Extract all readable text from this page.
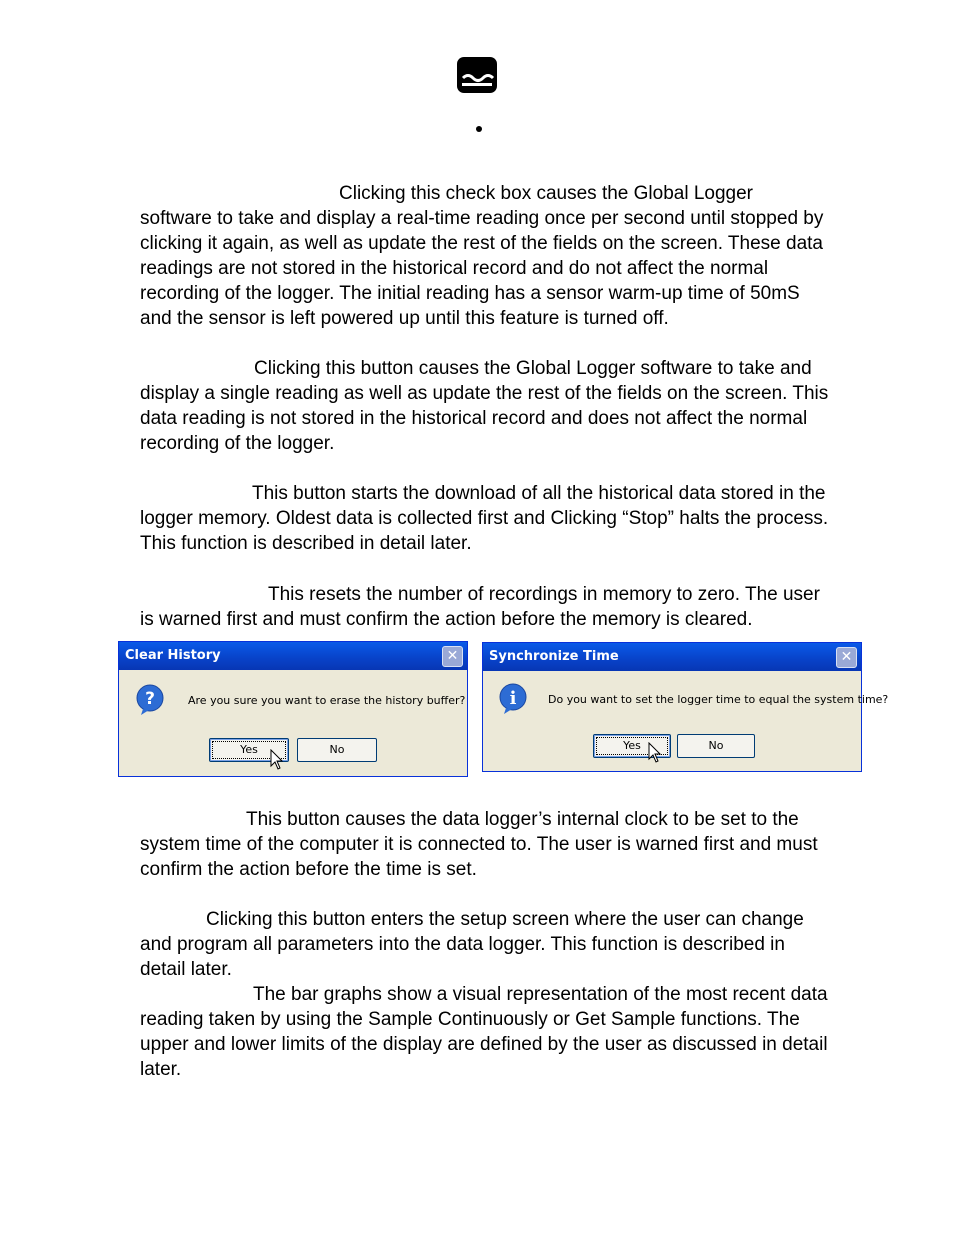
Clicking this check box causes the Global Logger software to take and display a real-time reading once per second until stopped by clicking it again, as well as update the rest of the fields on the screen. These data readings are not stored in the historical record and do not affect the normal recording of the logger. The initial reading has a sensor warm-up time of 50mS and the sensor is left powered up until this feature is turned off.
Clicking this button causes the Global Logger software to take and display a single reading as well as update the rest of the fields on the screen. This data reading is not stored in the historical record and does not affect the normal recording of the logger.
This button starts the download of all the historical data stored in the logger memory. Oldest data is collected first and Clicking “Stop” halts the process. This function is described in detail later.
This resets the number of recordings in memory to zero. The user is warned first and must confirm the action before the memory is cleared.
Clear History	✕
?	Are you sure you want to erase the history buffer?
Yes	No
Synchronize Time	✕
i	Do you want to set the logger time to equal the system time?
Yes	No
This button causes the data logger’s internal clock to be set to the system time of the computer it is connected to. The user is warned first and must confirm the action before the time is set.
Clicking this button enters the setup screen where the user can change and program all parameters into the data logger. This function is described in detail later.
The bar graphs show a visual representation of the most recent data reading taken by using the Sample Continuously or Get Sample functions. The upper and lower limits of the display are defined by the user as discussed in detail later.
